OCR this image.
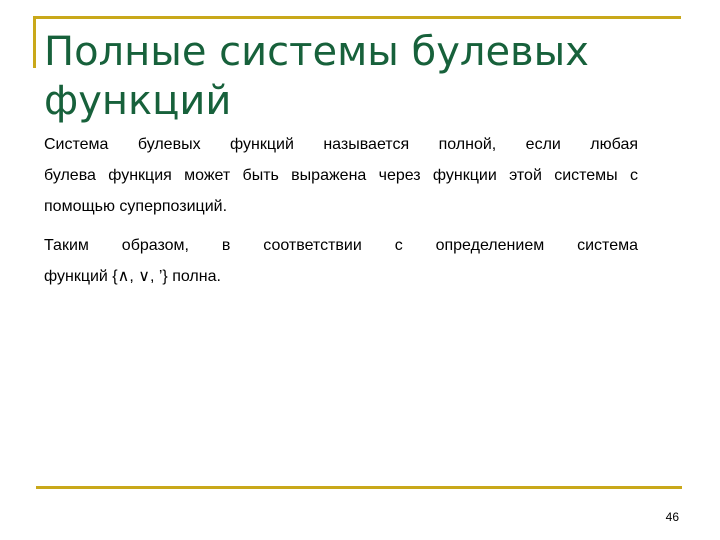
Полные системы булевых функций

Система булевых функций называется полной, если любая
булева функция может быть выражена через функции этой системы с помощью суперпозиций.

Таким образом, в соответствии с определением система
функций {∧, ∨, ’} полна.

46
